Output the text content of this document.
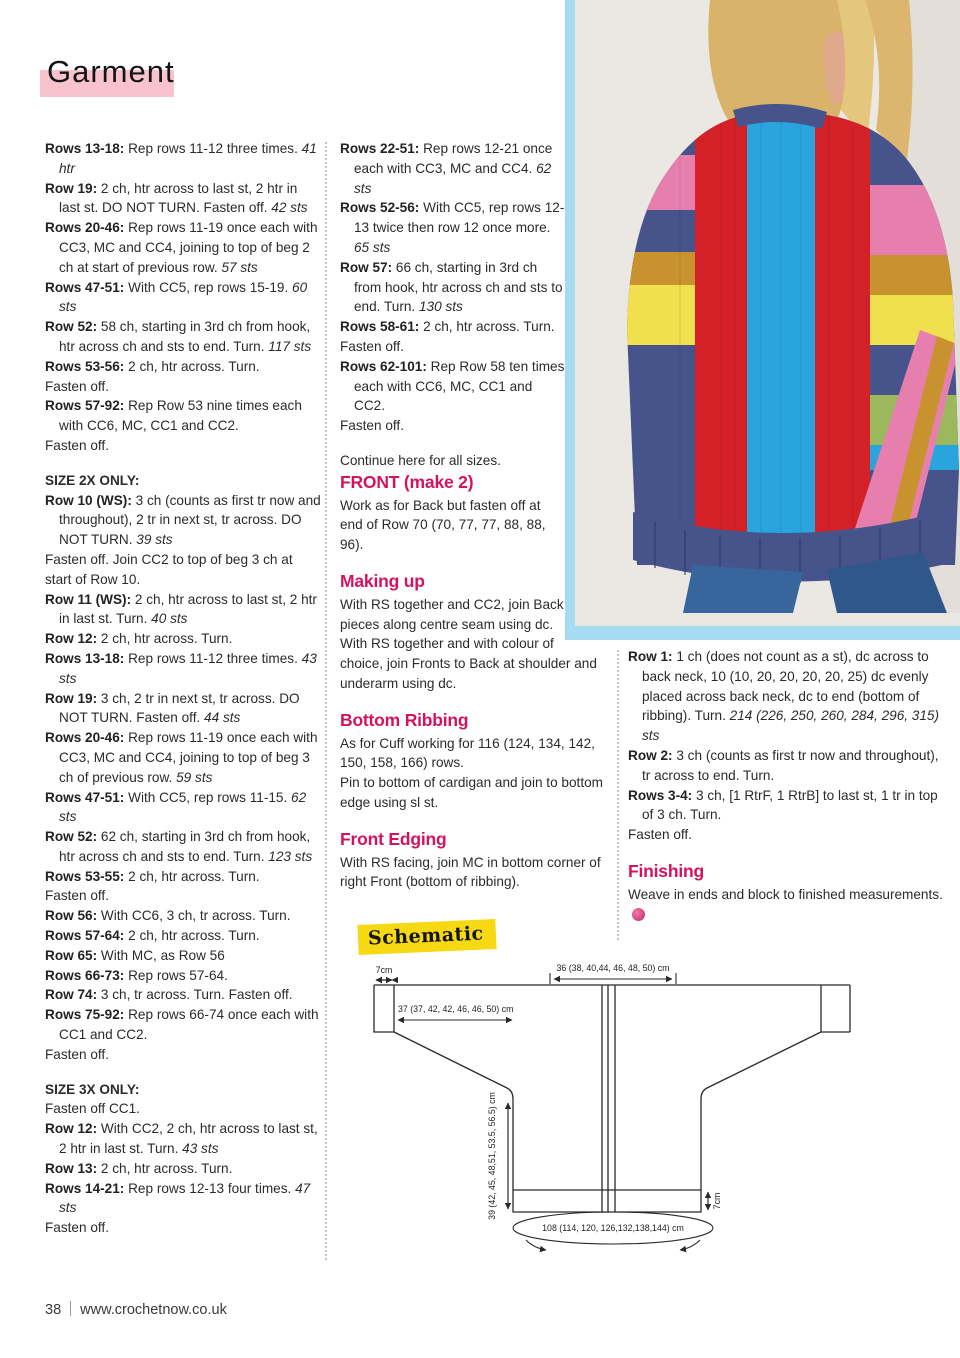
Garment

Rows 13-18: Rep rows 11-12 three times. 41 htr

Row 19: 2 ch, htr across to last st, 2 htr in last st. DO NOT TURN. Fasten off. 42 sts

Rows 20-46: Rep rows 11-19 once each with CC3, MC and CC4, joining to top of beg 2 ch at start of previous row. 57 sts

Rows 47-51: With CC5, rep rows 15-19. 60 sts

Row 52: 58 ch, starting in 3rd ch from hook, htr across ch and sts to end. Turn. 117 sts

Rows 53-56: 2 ch, htr across. Turn.

Fasten off.

Rows 57-92: Rep Row 53 nine times each with CC6, MC, CC1 and CC2.

Fasten off.

SIZE 2X ONLY:

Row 10 (WS): 3 ch (counts as first tr now and throughout), 2 tr in next st, tr across. DO NOT TURN. 39 sts

Fasten off. Join CC2 to top of beg 3 ch at start of Row 10.

Row 11 (WS): 2 ch, htr across to last st, 2 htr in last st. Turn. 40 sts

Row 12: 2 ch, htr across. Turn.

Rows 13-18: Rep rows 11-12 three times. 43 sts

Row 19: 3 ch, 2 tr in next st, tr across. DO NOT TURN. Fasten off. 44 sts

Rows 20-46: Rep rows 11-19 once each with CC3, MC and CC4, joining to top of beg 3 ch of previous row. 59 sts

Rows 47-51: With CC5, rep rows 11-15. 62 sts

Row 52: 62 ch, starting in 3rd ch from hook, htr across ch and sts to end. Turn. 123 sts

Rows 53-55: 2 ch, htr across. Turn.

Fasten off.

Row 56: With CC6, 3 ch, tr across. Turn.

Rows 57-64: 2 ch, htr across. Turn.

Row 65: With MC, as Row 56

Rows 66-73: Rep rows 57-64.

Row 74: 3 ch, tr across. Turn. Fasten off.

Rows 75-92: Rep rows 66-74 once each with CC1 and CC2.

Fasten off.

SIZE 3X ONLY:

Fasten off CC1.

Row 12: With CC2, 2 ch, htr across to last st, 2 htr in last st. Turn. 43 sts

Row 13: 2 ch, htr across. Turn.

Rows 14-21: Rep rows 12-13 four times. 47 sts

Fasten off.

Rows 22-51: Rep rows 12-21 once each with CC3, MC and CC4. 62 sts

Rows 52-56: With CC5, rep rows 12-13 twice then row 12 once more. 65 sts

Row 57: 66 ch, starting in 3rd ch from hook, htr across ch and sts to end. Turn. 130 sts

Rows 58-61: 2 ch, htr across. Turn.

Fasten off.

Rows 62-101: Rep Row 58 ten times each with CC6, MC, CC1 and CC2.

Fasten off.

Continue here for all sizes.

FRONT (make 2)

Work as for Back but fasten off at end of Row 70 (70, 77, 77, 88, 88, 96).

Making up

With RS together and CC2, join Back pieces along centre seam using dc. With RS together and with colour of choice, join Fronts to Back at shoulder and underarm using dc.

Bottom Ribbing

As for Cuff working for 116 (124, 134, 142, 150, 158, 166) rows.

Pin to bottom of cardigan and join to bottom edge using sl st.

Front Edging

With RS facing, join MC in bottom corner of right Front (bottom of ribbing).

Row 1: 1 ch (does not count as a st), dc across to back neck, 10 (10, 20, 20, 20, 20, 25) dc evenly placed across back neck, dc to end (bottom of ribbing). Turn. 214 (226, 250, 260, 284, 296, 315) sts

Row 2: 3 ch (counts as first tr now and throughout), tr across to end. Turn.

Rows 3-4: 3 ch, [1 RtrF, 1 RtrB] to last st, 1 tr in top of 3 ch. Turn.

Fasten off.

Finishing

Weave in ends and block to finished measurements.

Schematic
7cm	36 (38, 40,44, 46, 48, 50) cm
37 (37, 42, 42, 46, 46, 50) cm
39 (42, 45, 48,51, 53.5, 56.5) cm	7cm
108 (114, 120, 126,132,138,144) cm
38 www.crochetnow.co.uk
